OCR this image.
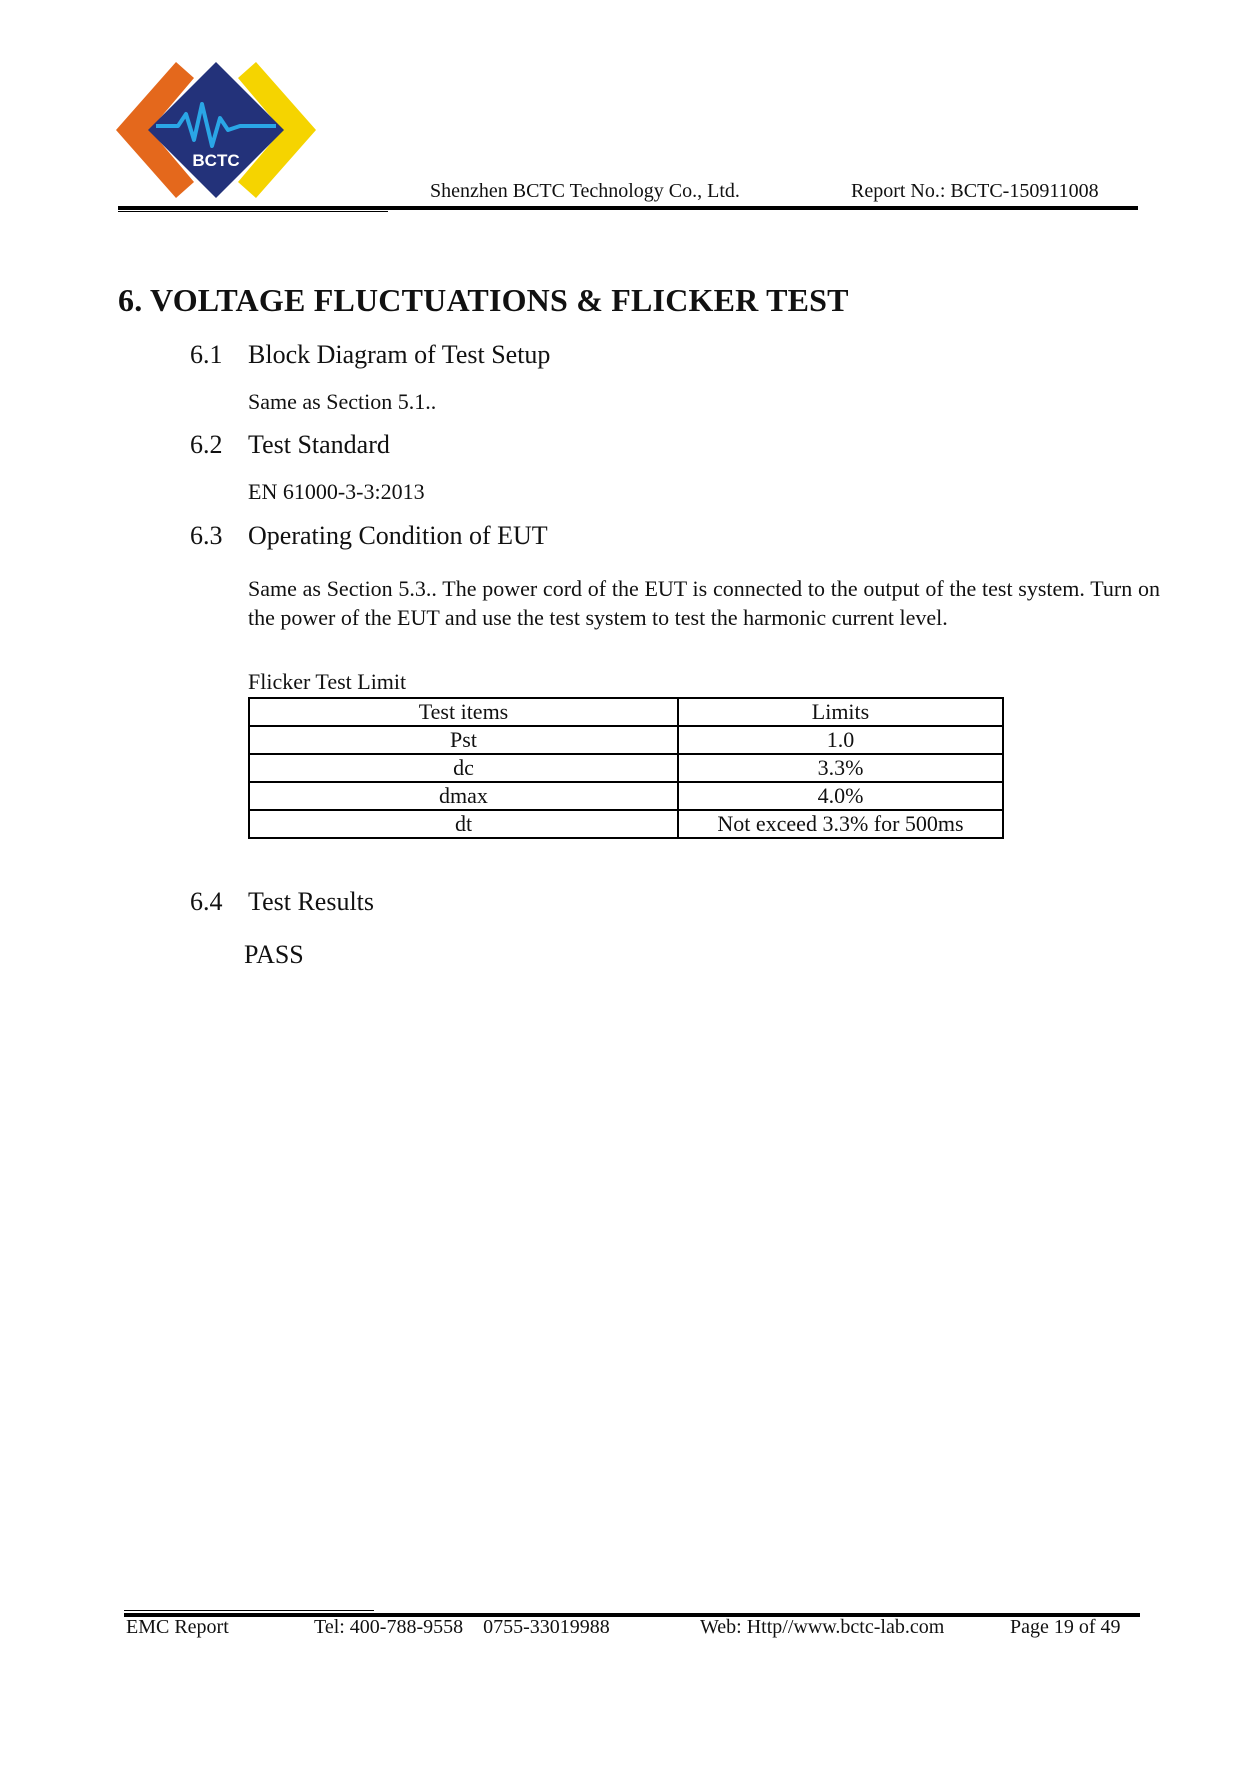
BCTC
Shenzhen BCTC Technology Co., Ltd.	Report No.: BCTC-150911008
6. VOLTAGE FLUCTUATIONS & FLICKER TEST
6.1 Block Diagram of Test Setup
Same as Section 5.1..
6.2 Test Standard
EN 61000-3-3:2013
6.3 Operating Condition of EUT
Same as Section 5.3.. The power cord of the EUT is connected to the output of the test system. Turn on the power of the EUT and use the test system to test the harmonic current level.
Flicker Test Limit
Test items	Limits
Pst	1.0
dc	3.3%
dmax	4.0%
dt	Not exceed 3.3% for 500ms
6.4 Test Results
PASS
EMC Report	Tel: 400-788-9558    0755-33019988	Web: Http//www.bctc-lab.com	Page 19 of 49
